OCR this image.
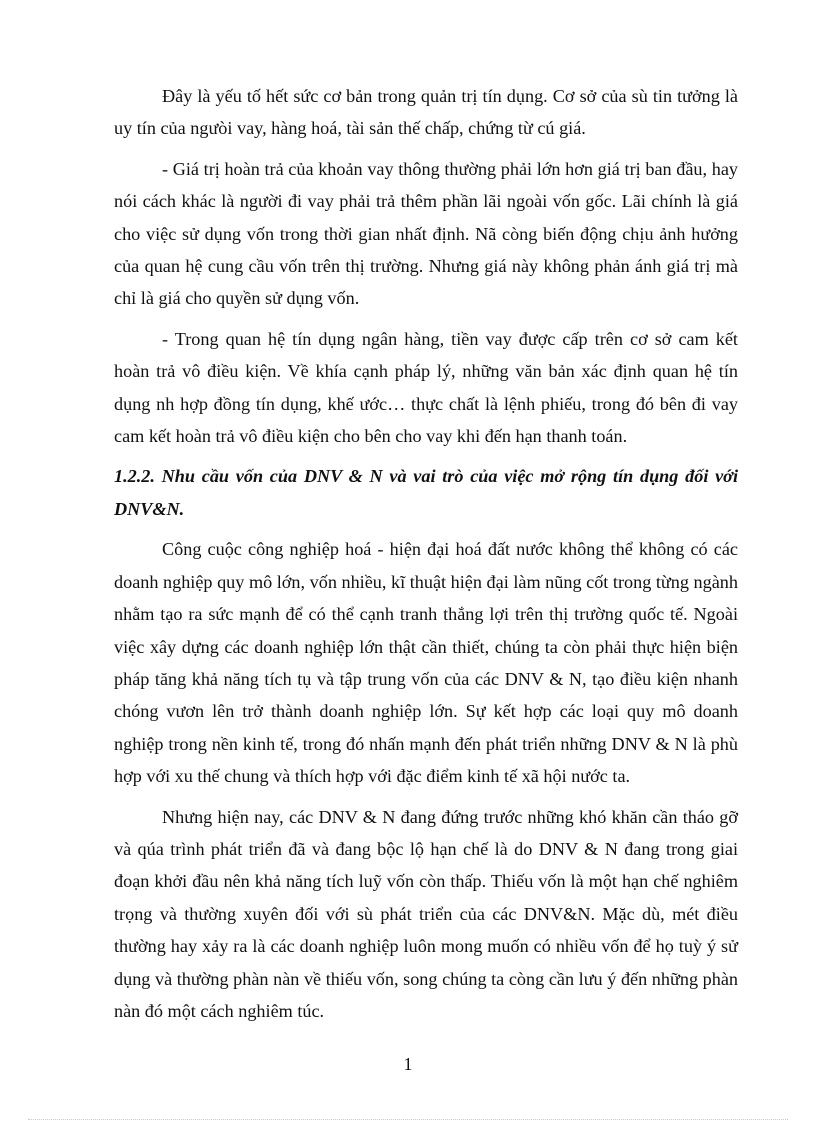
Đây là yếu tố hết sức cơ bản trong quản trị tín dụng. Cơ sở của sù tin tưởng là uy tín của ngưòi vay, hàng hoá, tài sản thế chấp, chứng từ cú giá.

- Giá trị hoàn trả của khoản vay thông thường phải lớn hơn giá trị ban đầu, hay nói cách khác là người đi vay phải trả thêm phần lãi ngoài vốn gốc. Lãi chính là giá cho việc sử dụng vốn trong thời gian nhất định. Nã còng biến động chịu ảnh hưởng của quan hệ cung cầu vốn trên thị trường. Nhưng giá này không phản ánh giá trị mà chỉ là giá cho quyền sử dụng vốn.

- Trong quan hệ tín dụng ngân hàng, tiền vay được cấp trên cơ sở cam kết hoàn trả vô điều kiện. Về khía cạnh pháp lý, những văn bản xác định quan hệ tín dụng nh hợp đồng tín dụng, khế ước… thực chất là lệnh phiếu, trong đó bên đi vay cam kết hoàn trả vô điều kiện cho bên cho vay khi đến hạn thanh toán.

1.2.2. Nhu cầu vốn của DNV & N và vai trò của việc mở rộng tín dụng đối với DNV&N.

Công cuộc công nghiệp hoá - hiện đại hoá đất nước không thể không có các doanh nghiệp quy mô lớn, vốn nhiều, kĩ thuật hiện đại làm nũng cốt trong từng ngành nhằm tạo ra sức mạnh để có thể cạnh tranh thắng lợi trên thị trường quốc tế. Ngoài việc xây dựng các doanh nghiệp lớn thật cần thiết, chúng ta còn phải thực hiện biện pháp tăng khả năng tích tụ và tập trung vốn của các DNV & N, tạo điều kiện nhanh chóng vươn lên trở thành doanh nghiệp lớn. Sự kết hợp các loại quy mô doanh nghiệp trong nền kinh tế, trong đó nhấn mạnh đến phát triển những DNV & N là phù hợp với xu thế chung và thích hợp với đặc điểm kinh tế xã hội nước ta.

Nhưng hiện nay, các DNV & N đang đứng trước những khó khăn cần tháo gỡ và qúa trình phát triển đã và đang bộc lộ hạn chế là do DNV & N đang trong giai đoạn khởi đầu nên khả năng tích luỹ vốn còn thấp. Thiếu vốn là một hạn chế nghiêm trọng và thường xuyên đối với sù phát triển của các DNV&N. Mặc dù, mét điều thường hay xảy ra là các doanh nghiệp luôn mong muốn có nhiều vốn để họ tuỳ ý sử dụng và thường phàn nàn về thiếu vốn, song chúng ta còng cần lưu ý đến những phàn nàn đó một cách nghiêm túc.

1
